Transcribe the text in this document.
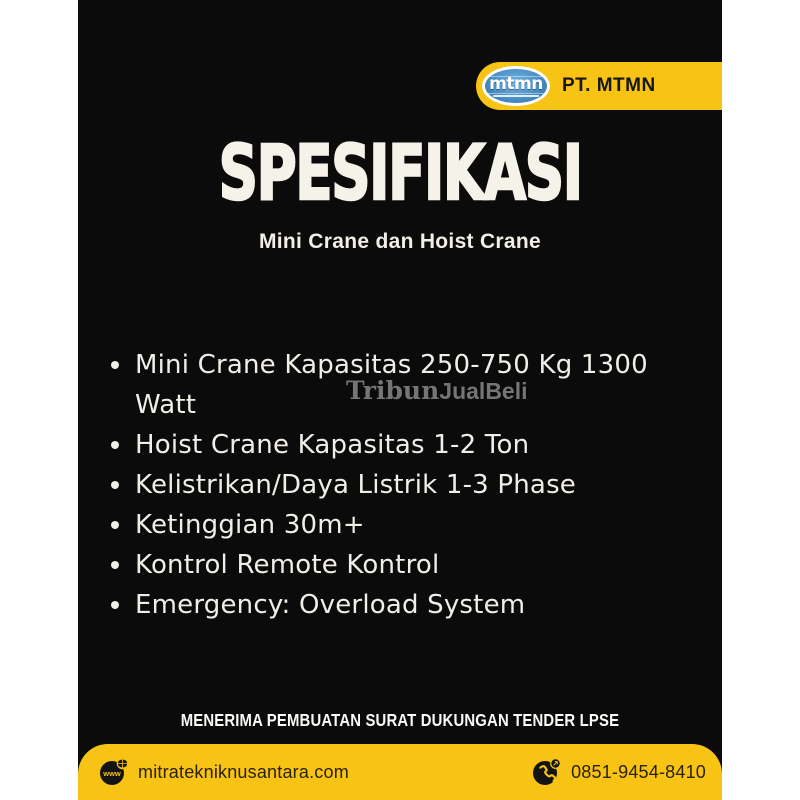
mtmn PT. MTMN
SPESIFIKASI
Mini Crane dan Hoist Crane
Mini Crane Kapasitas 250-750 Kg 1300 Watt
Hoist Crane Kapasitas 1-2 Ton
Kelistrikan/Daya Listrik 1-3 Phase
Ketinggian 30m+
Kontrol Remote Kontrol
Emergency: Overload System
TribunJualBeli
MENERIMA PEMBUATAN SURAT DUKUNGAN TENDER LPSE
www mitratekniknusantara.com	0851-9454-8410
